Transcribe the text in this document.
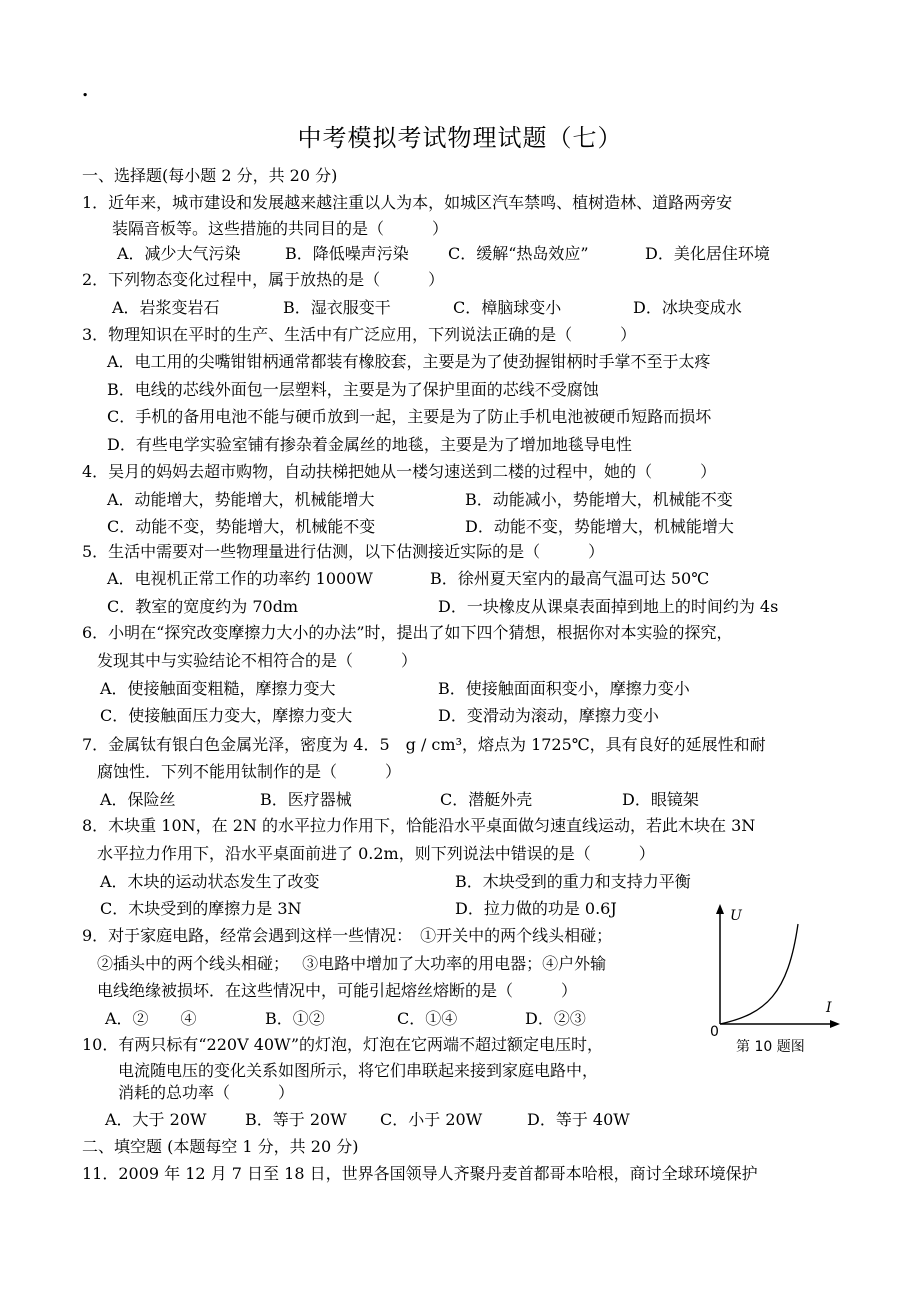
.
中考模拟考试物理试题（七）
一、选择题(每小题 2 分，共 20 分)
1．近年来，城市建设和发展越来越注重以人为本，如城区汽车禁鸣、植树造林、道路两旁安
装隔音板等。这些措施的共同目的是（　　　）
A．减少大气污染	B．降低噪声污染 C．缓解“热岛效应”	D．美化居住环境
2．下列物态变化过程中，属于放热的是（　　　）
A．岩浆变岩石	B．湿衣服变干	C．樟脑球变小	D．冰块变成水
3．物理知识在平时的生产、生活中有广泛应用，下列说法正确的是（　　　）
A．电工用的尖嘴钳钳柄通常都装有橡胶套，主要是为了使劲握钳柄时手掌不至于太疼
B．电线的芯线外面包一层塑料，主要是为了保护里面的芯线不受腐蚀
C．手机的备用电池不能与硬币放到一起，主要是为了防止手机电池被硬币短路而损坏
D．有些电学实验室铺有掺杂着金属丝的地毯，主要是为了增加地毯导电性
4．吴月的妈妈去超市购物，自动扶梯把她从一楼匀速送到二楼的过程中，她的（　　　）
A．动能增大，势能增大，机械能增大	B．动能减小，势能增大，机械能不变
C．动能不变，势能增大，机械能不变	D．动能不变，势能增大，机械能增大
5．生活中需要对一些物理量进行估测，以下估测接近实际的是（　　　）
A．电视机正常工作的功率约 1000W	B．徐州夏天室内的最高气温可达 50℃
C．教室的宽度约为 70dm	D．一块橡皮从课桌表面掉到地上的时间约为 4s
6．小明在“探究改变摩擦力大小的办法”时，提出了如下四个猜想，根据你对本实验的探究，
发现其中与实验结论不相符合的是（　　　）
A．使接触面变粗糙，摩擦力变大	B．使接触面面积变小，摩擦力变小
C．使接触面压力变大，摩擦力变大	D．变滑动为滚动，摩擦力变小
7．金属钛有银白色金属光泽，密度为 4．5　g / cm³，熔点为 1725℃，具有良好的延展性和耐
腐蚀性．下列不能用钛制作的是（　　　）
A．保险丝	B．医疗器械	C．潜艇外壳	D．眼镜架
8．木块重 10N，在 2N 的水平拉力作用下，恰能沿水平桌面做匀速直线运动，若此木块在 3N
水平拉力作用下，沿水平桌面前进了 0.2m，则下列说法中错误的是（　　　）
A．木块的运动状态发生了改变	B．木块受到的重力和支持力平衡
C．木块受到的摩擦力是 3N	D．拉力做的功是 0.6J
9．对于家庭电路，经常会遇到这样一些情况：　①开关中的两个线头相碰；
②插头中的两个线头相碰；　 ③电路中增加了大功率的用电器；④户外输
电线绝缘被损坏．在这些情况中，可能引起熔丝熔断的是（　　　）
A．②　　④	B．①②	C．①④	D．②③
10．有两只标有“220V 40W”的灯泡，灯泡在它两端不超过额定电压时，
电流随电压的变化关系如图所示，将它们串联起来接到家庭电路中，
消耗的总功率（　　　）
A．大于 20W B．等于 20W C．小于 20W	D．等于 40W
二、填空题 (本题每空 1 分，共 20 分)
11．2009 年 12 月 7 日至 18 日，世界各国领导人齐聚丹麦首都哥本哈根，商讨全球环境保护
U
I
0
第 10 题图
